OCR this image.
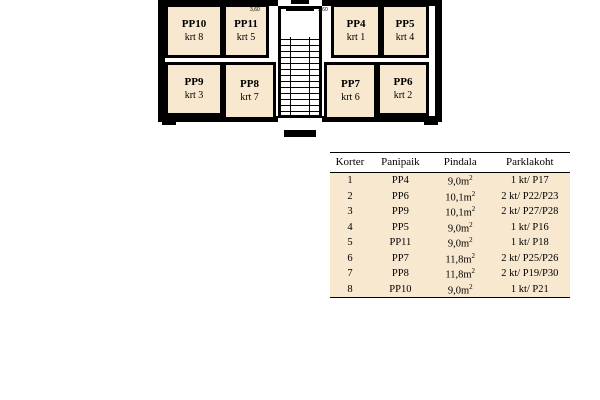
PP10
krt 8
PP11
krt 5
PP4
krt 1
PP5
krt 4
PP9
krt 3
PP8
krt 7
PP7
krt 6
PP6
krt 2
3,60	3,60
Korter	Panipaik	Pindala	Parklakoht
1	PP4	$9,0m^2$	1 kt/ P17
2	PP6	$10,1m^2$	2 kt/ P22/P23
3	PP9	$10,1m^2$	2 kt/ P27/P28
4	PP5	$9,0m^2$	1 kt/ P16
5	PP11	$9,0m^2$	1 kt/ P18
6	PP7	$11,8m^2$	2 kt/ P25/P26
7	PP8	$11,8m^2$	2 kt/ P19/P30
8	PP10	$9,0m^2$	1 kt/ P21
